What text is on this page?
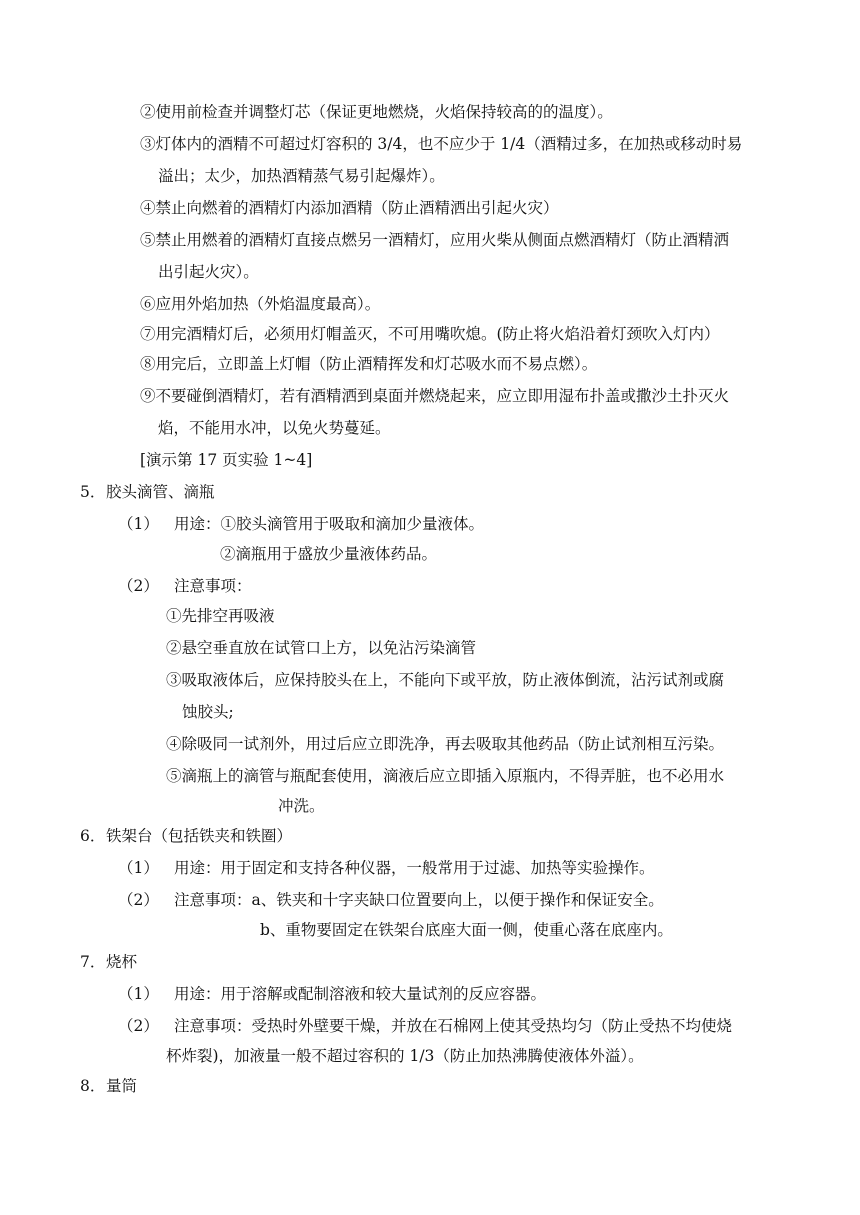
②使用前检查并调整灯芯（保证更地燃烧，火焰保持较高的的温度）。
③灯体内的酒精不可超过灯容积的 3/4，也不应少于 1/4（酒精过多，在加热或移动时易
溢出；太少，加热酒精蒸气易引起爆炸）。
④禁止向燃着的酒精灯内添加酒精（防止酒精洒出引起火灾）
⑤禁止用燃着的酒精灯直接点燃另一酒精灯，应用火柴从侧面点燃酒精灯（防止酒精洒
出引起火灾）。
⑥应用外焰加热（外焰温度最高）。
⑦用完酒精灯后，必须用灯帽盖灭，不可用嘴吹熄。(防止将火焰沿着灯颈吹入灯内）
⑧用完后，立即盖上灯帽（防止酒精挥发和灯芯吸水而不易点燃）。
⑨不要碰倒酒精灯，若有酒精洒到桌面并燃烧起来，应立即用湿布扑盖或撒沙土扑灭火
焰，不能用水冲，以免火势蔓延。
[演示第 17 页实验 1~4]
5．胶头滴管、滴瓶
（1） 用途：①胶头滴管用于吸取和滴加少量液体。
②滴瓶用于盛放少量液体药品。
（2） 注意事项：
①先排空再吸液
②悬空垂直放在试管口上方，以免沾污染滴管
③吸取液体后，应保持胶头在上，不能向下或平放，防止液体倒流，沾污试剂或腐
蚀胶头;
④除吸同一试剂外，用过后应立即洗净，再去吸取其他药品（防止试剂相互污染。
⑤滴瓶上的滴管与瓶配套使用，滴液后应立即插入原瓶内，不得弄脏，也不必用水
冲洗。
6．铁架台（包括铁夹和铁圈）
（1） 用途：用于固定和支持各种仪器，一般常用于过滤、加热等实验操作。
（2） 注意事项：a、铁夹和十字夹缺口位置要向上，以便于操作和保证安全。
b、重物要固定在铁架台底座大面一侧，使重心落在底座内。
7．烧杯
（1） 用途：用于溶解或配制溶液和较大量试剂的反应容器。
（2） 注意事项：受热时外壁要干燥，并放在石棉网上使其受热均匀（防止受热不均使烧
杯炸裂)，加液量一般不超过容积的 1/3（防止加热沸腾使液体外溢）。
8．量筒
